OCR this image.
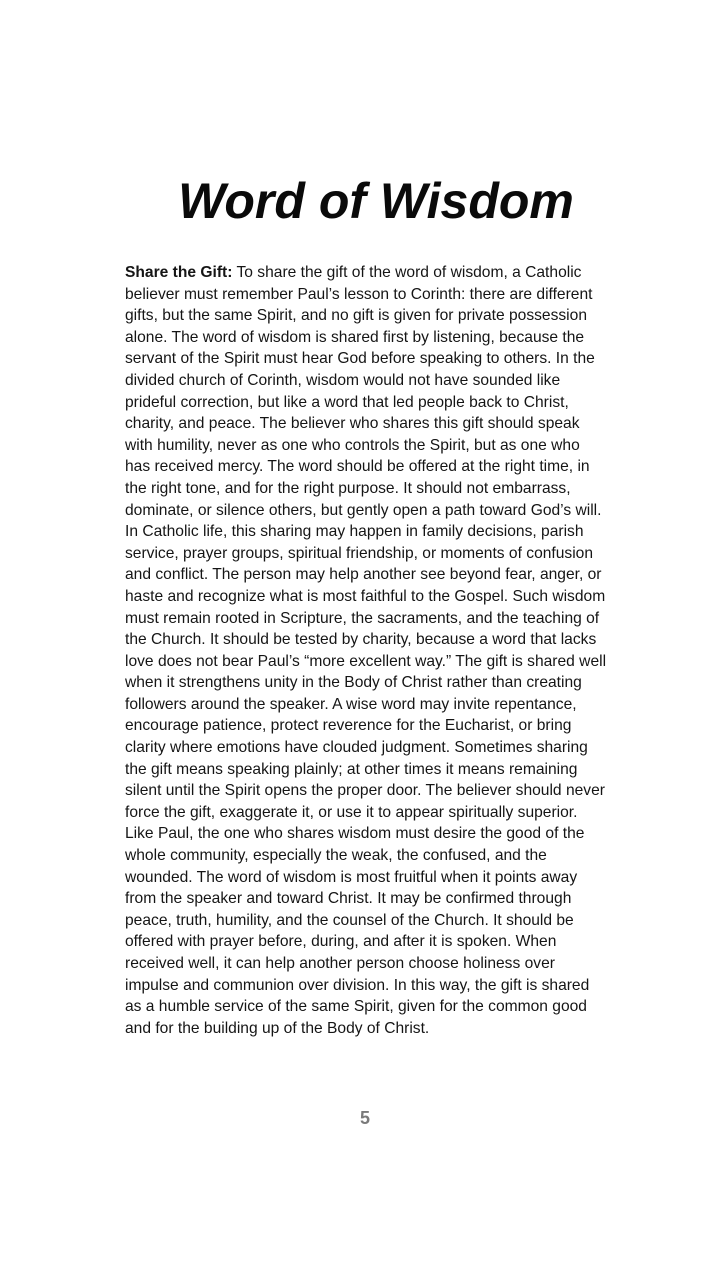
Word of Wisdom

Share the Gift: To share the gift of the word of wisdom, a Catholic believer must remember Paul’s lesson to Corinth: there are different gifts, but the same Spirit, and no gift is given for private possession alone. The word of wisdom is shared first by listening, because the servant of the Spirit must hear God before speaking to others. In the divided church of Corinth, wisdom would not have sounded like prideful correction, but like a word that led people back to Christ, charity, and peace. The believer who shares this gift should speak with humility, never as one who controls the Spirit, but as one who has received mercy. The word should be offered at the right time, in the right tone, and for the right purpose. It should not embarrass, dominate, or silence others, but gently open a path toward God’s will. In Catholic life, this sharing may happen in family decisions, parish service, prayer groups, spiritual friendship, or moments of confusion and conflict. The person may help another see beyond fear, anger, or haste and recognize what is most faithful to the Gospel. Such wisdom must remain rooted in Scripture, the sacraments, and the teaching of the Church. It should be tested by charity, because a word that lacks love does not bear Paul’s “more excellent way.” The gift is shared well when it strengthens unity in the Body of Christ rather than creating followers around the speaker. A wise word may invite repentance, encourage patience, protect reverence for the Eucharist, or bring clarity where emotions have clouded judgment. Sometimes sharing the gift means speaking plainly; at other times it means remaining silent until the Spirit opens the proper door. The believer should never force the gift, exaggerate it, or use it to appear spiritually superior. Like Paul, the one who shares wisdom must desire the good of the whole community, especially the weak, the confused, and the wounded. The word of wisdom is most fruitful when it points away from the speaker and toward Christ. It may be confirmed through peace, truth, humility, and the counsel of the Church. It should be offered with prayer before, during, and after it is spoken. When received well, it can help another person choose holiness over impulse and communion over division. In this way, the gift is shared as a humble service of the same Spirit, given for the common good and for the building up of the Body of Christ.

5
